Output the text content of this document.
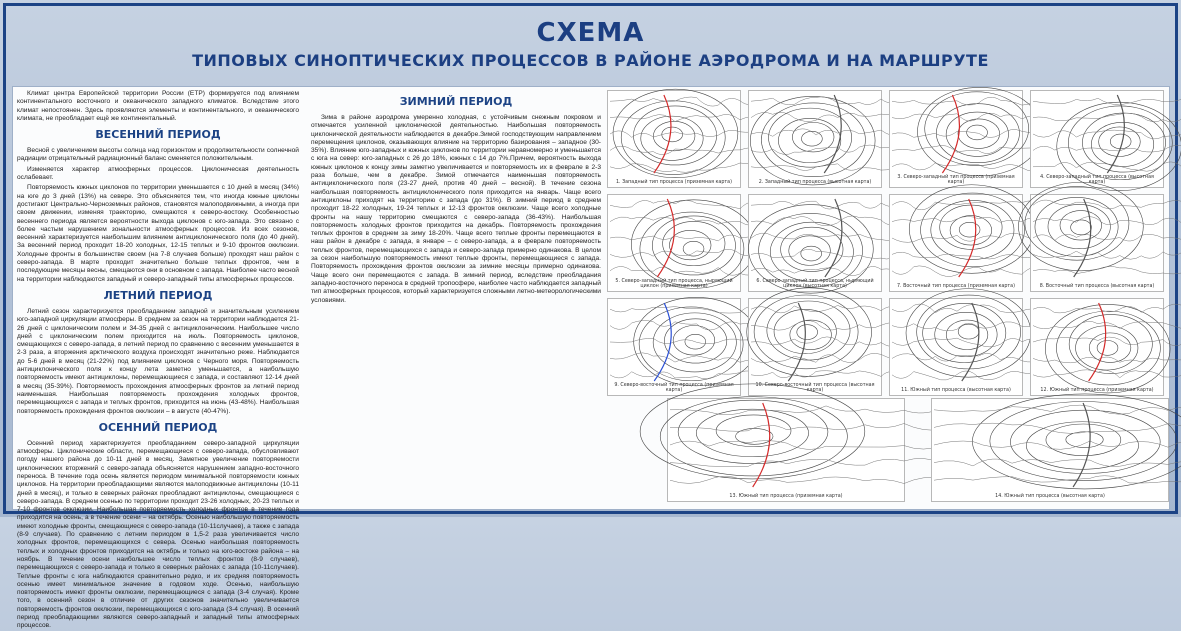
СХЕМА
ТИПОВЫХ СИНОПТИЧЕСКИХ ПРОЦЕССОВ В РАЙОНЕ АЭРОДРОМА И НА МАРШРУТЕ

Климат центра Европейской территории России (ЕТР) формируется под влиянием континентального восточного и океанического западного климатов. Вследствие этого климат непостоянен. Здесь проявляются элементы и континентального, и океанического климата, не преобладает ещё же континентальный.

ВЕСЕННИЙ ПЕРИОД

Весной с увеличением высоты солнца над горизонтом и продолжительности солнечной радиации отрицательный радиационный баланс сменяется положительным.

Изменяется характер атмосферных процессов. Циклоническая деятельность ослабевает.

Повторяемость южных циклонов по территории уменьшается с 10 дней в месяц (34%) на юге до 3 дней (13%) на севере. Это объясняется тем, что иногда южные циклоны достигают Центрально-Черноземных районов, становятся малоподвижными, а иногда при своем движении, изменяя траекторию, смещаются к северо-востоку. Особенностью весеннего периода является вероятности выхода циклонов с юго-запада. Это связано с более частым нарушением зональности атмосферных процессов. Из всех сезонов, весенний характеризуется наибольшим влиянием антициклонического поля (до 40 дней). За весенний период проходит 18-20 холодных, 12-15 теплых и 9-10 фронтов окклюзии. Холодные фронты в большинстве своем (на 7-8 случаев больше) проходят наш район с северо-запада. В марте проходит значительно больше теплых фронтов, чем в последующие месяцы весны, смещаются они в основном с запада. Наиболее часто весной на территории наблюдаются западный и северо-западный типы атмосферных процессов.

ЛЕТНИЙ ПЕРИОД

Летний сезон характеризуется преобладанием западной и значительным усилением юго-западной циркуляции атмосферы. В среднем за сезон на территории наблюдается 21-26 дней с циклоническим полем и 34-35 дней с антициклоническим. Наибольшее число дней с циклоническим полем приходится на июль. Повторяемость циклонов, смещающихся с северо-запада, в летний период по сравнению с весенним уменьшается в 2-3 раза, а вторжения арктического воздуха происходят значительно реже. Наблюдается до 5-6 дней в месяц (21-22%) под влиянием циклонов с Черного моря. Повторяемость антициклонического поля к концу лета заметно уменьшается, а наибольшую повторяемость имеют антициклоны, перемещающиеся с запада, и составляют 12-14 дней в месяц (35-39%). Повторяемость прохождения атмосферных фронтов за летний период наименьшая. Наибольшая повторяемость прохождения холодных фронтов, перемещающихся с запада и теплых фронтов, приходится на июнь (43-48%). Наибольшая повторяемость прохождения фронтов окклюзии – в августе (40-47%).

ОСЕННИЙ ПЕРИОД

Осенний период характеризуется преобладанием северо-западной циркуляции атмосферы. Циклонические области, перемещающиеся с северо-запада, обусловливают погоду нашего района до 10-11 дней в месяц. Заметное увеличение повторяемости циклонических вторжений с северо-запада объясняется нарушением западно-восточного переноса. В течение года осень является периодом минимальной повторяемости южных циклонов. На территории преобладающими являются малоподвижные антициклоны (10-11 дней в месяц), и только в северных районах преобладают антициклоны, смещающиеся с северо-запада. В среднем осенью по территории проходит 23-26 холодных, 20-23 теплых и 7-10 фронтов окклюзии. Наибольшая повторяемость холодных фронтов в течение года приходится на осень, а в течение осени – на октябрь. Осенью наибольшую повторяемость имеют холодные фронты, смещающиеся с северо-запада (10-11случаев), а также с запада (8-9 случаев). По сравнению с летним периодом в 1,5-2 раза увеличивается число холодных фронтов, перемещающихся с севера. Осенью наибольшая повторяемость теплых и холодных фронтов приходится на октябрь и только на юго-востоке района – на ноябрь. В течение осени наибольшее число теплых фронтов (8-9 случаев), перемещающихся с северо-запада и только в северных районах с запада (10-11случаев). Теплые фронты с юга наблюдаются сравнительно редко, и их средняя повторяемость осенью имеет минимальное значение в годовом ходе. Осенью, наибольшую повторяемость имеют фронты окклюзии, перемещающиеся с запада (3-4 случая). Кроме того, в осенний сезон в отличие от других сезонов значительно увеличивается повторяемость фронтов окклюзии, перемещающихся с юго-запада (3-4 случая). В осенний период преобладающими являются северо-западный и западный типы атмосферных процессов.

ЗИМНИЙ ПЕРИОД

Зима в районе аэродрома умеренно холодная, с устойчивым снежным покровом и отмечается усиленной циклонической деятельностью. Наибольшая повторяемость циклонической деятельности наблюдается в декабре.Зимой господствующим направлением перемещения циклонов, оказывающих влияние на территорию базирования – западное (30-35%). Влияние юго-западных и южных циклонов по территории неравномерно и уменьшается с юга на север: юго-западных с 26 до 18%, южных с 14 до 7%.Причем, вероятность выхода южных циклонов к концу зимы заметно увеличивается и повторяемость их в феврале в 2-3 раза больше, чем в декабре. Зимой отмечается наименьшая повторяемость антициклонического поля (23-27 дней, против 40 дней – весной). В течение сезона наибольшая повторяемость антициклонического поля приходится на январь. Чаще всего антициклоны приходят на территорию с запада (до 31%). В зимний период в среднем проходит 18-22 холодных, 19-24 теплых и 12-13 фронтов окклюзии. Чаще всего холодные фронты на нашу территорию смещаются с северо-запада (36-43%). Наибольшая повторяемость холодных фронтов приходится на декабрь. Повторяемость прохождения теплых фронтов в среднем за зиму 18-20%. Чаще всего теплые фронты перемещаются в наш район в декабре с запада, в январе – с северо-запада, а в феврале повторяемость теплых фронтов, перемещающихся с запада и северо-запада примерно одинакова. В целом за сезон наибольшую повторяемость имеют теплые фронты, перемещающиеся с запада. Повторяемость прохождения фронтов окклюзии за зимние месяцы примерно одинакова. Чаще всего они перемещаются с запада. В зимний период, вследствие преобладания западно-восточного переноса в средней тропосфере, наиболее часто наблюдается западный тип атмосферных процессов, который характеризуется сложными летно-метеорологическими условиями.

1. Западный тип процесса (приземная карта)	2. Западный тип процесса (высотная карта)
3. Северо-западный тип процесса (приземная карта)
4. Северо-западный тип процесса (высотная карта)
5. Северо-западный тип процесса, ныряющий циклон (приземная карта)
6. Северо-западный тип процесса, ныряющий циклон (высотная карта)	7. Восточный тип процесса (приземная карта)	8. Восточный тип процесса (высотная карта)
9. Северо-восточный тип процесса (приземная карта)
10. Северо-восточный тип процесса (высотная карта)	11. Южный тип процесса (высотная карта)	12. Южный тип процесса (приземная карта)
13. Южный тип процесса (приземная карта)	14. Южный тип процесса (высотная карта)
